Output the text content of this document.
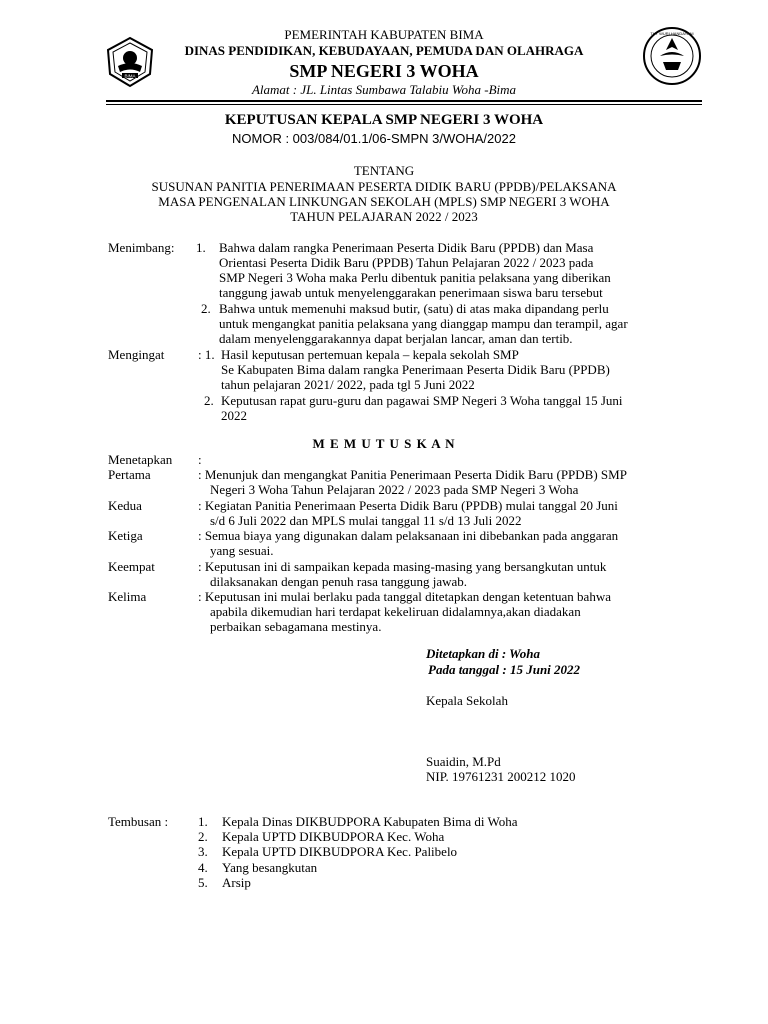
BIMA
TUT WURI HANDAYANI
PEMERINTAH KABUPATEN BIMA
DINAS PENDIDIKAN, KEBUDAYAAN, PEMUDA DAN OLAHRAGA
SMP NEGERI 3 WOHA
Alamat : JL. Lintas Sumbawa Talabiu Woha -Bima
KEPUTUSAN KEPALA SMP NEGERI 3 WOHA
NOMOR : 003/084/01.1/06-SMPN 3/WOHA/2022
TENTANG
SUSUNAN PANITIA PENERIMAAN PESERTA DIDIK BARU (PPDB)/PELAKSANA
MASA PENGENALAN LINKUNGAN SEKOLAH (MPLS) SMP NEGERI 3 WOHA
TAHUN PELAJARAN 2022 / 2023
Menimbang: 1. Bahwa dalam rangka Penerimaan Peserta Didik Baru (PPDB) dan Masa
Orientasi Peserta Didik Baru (PPDB) Tahun Pelajaran 2022 / 2023 pada
SMP Negeri 3 Woha maka Perlu dibentuk panitia pelaksana yang diberikan
tanggung jawab untuk menyelenggarakan penerimaan siswa baru tersebut
2. Bahwa untuk memenuhi maksud butir, (satu) di atas maka dipandang perlu
untuk mengangkat panitia pelaksana yang dianggap mampu dan terampil, agar
dalam menyelenggarakannya dapat berjalan lancar, aman dan tertib.
Mengingat	: 1. Hasil keputusan pertemuan kepala – kepala sekolah SMP
Se Kabupaten Bima dalam rangka Penerimaan Peserta Didik Baru (PPDB)
tahun pelajaran 2021/ 2022, pada tgl 5 Juni 2022
2. Keputusan rapat guru-guru dan pagawai SMP Negeri 3 Woha tanggal 15 Juni
2022
M E M U T U S K A N
Menetapkan :
Pertama	: Menunjuk dan mengangkat Panitia Penerimaan Peserta Didik Baru (PPDB) SMP
Negeri 3 Woha Tahun Pelajaran 2022 / 2023 pada SMP Negeri 3 Woha
Kedua	: Kegiatan Panitia Penerimaan Peserta Didik Baru (PPDB) mulai tanggal 20 Juni
s/d 6 Juli 2022 dan MPLS mulai tanggal 11 s/d 13 Juli 2022
Ketiga	: Semua biaya yang digunakan dalam pelaksanaan ini dibebankan pada anggaran
yang sesuai.
Keempat	: Keputusan ini di sampaikan kepada masing-masing yang bersangkutan untuk
dilaksanakan dengan penuh rasa tanggung jawab.
Kelima	: Keputusan ini mulai berlaku pada tanggal ditetapkan dengan ketentuan bahwa
apabila dikemudian hari terdapat kekeliruan didalamnya,akan diadakan
perbaikan sebagamana mestinya.
Ditetapkan di : Woha
Pada tanggal : 15 Juni 2022
Kepala Sekolah
Suaidin, M.Pd
NIP. 19761231 200212 1020
Tembusan : 1. Kepala Dinas DIKBUDPORA Kabupaten Bima di Woha
2. Kepala UPTD DIKBUDPORA Kec. Woha
3. Kepala UPTD DIKBUDPORA Kec. Palibelo
4. Yang besangkutan
5. Arsip
